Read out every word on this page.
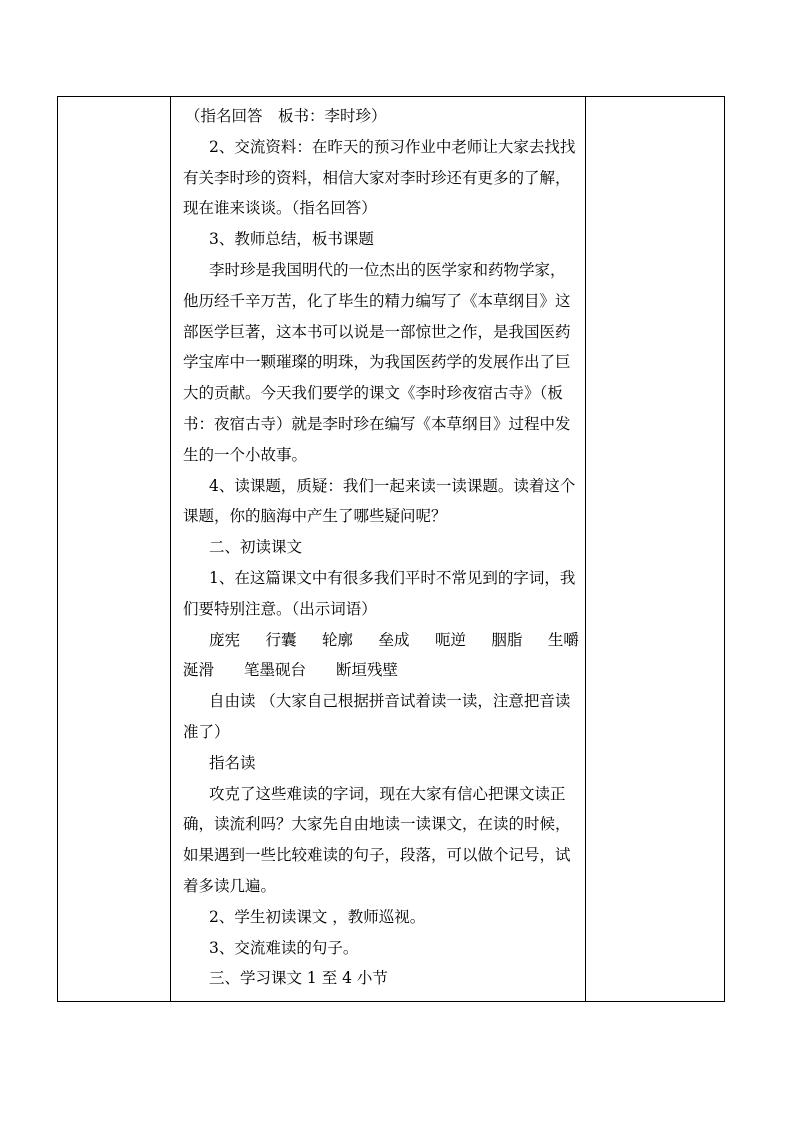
（指名回答　板书：李时珍）
2、交流资料：在昨天的预习作业中老师让大家去找找
有关李时珍的资料，相信大家对李时珍还有更多的了解，
现在谁来谈谈。（指名回答）
3、教师总结，板书课题
李时珍是我国明代的一位杰出的医学家和药物学家，
他历经千辛万苦，化了毕生的精力编写了《本草纲目》这
部医学巨著，这本书可以说是一部惊世之作，是我国医药
学宝库中一颗璀璨的明珠，为我国医药学的发展作出了巨
大的贡献。今天我们要学的课文《李时珍夜宿古寺》（板
书：夜宿古寺）就是李时珍在编写《本草纲目》过程中发
生的一个小故事。
4、读课题，质疑：我们一起来读一读课题。读着这个
课题，你的脑海中产生了哪些疑问呢？
二、初读课文
1、在这篇课文中有很多我们平时不常见到的字词，我
们要特别注意。（出示词语）
庞宪 行囊 轮廓 垒成 呃逆 胭脂 生嚼
涎滑 笔墨砚台 断垣残壁
自由读 （大家自己根据拼音试着读一读，注意把音读
准了）
指名读
攻克了这些难读的字词，现在大家有信心把课文读正
确，读流利吗？大家先自由地读一读课文，在读的时候，
如果遇到一些比较难读的句子，段落，可以做个记号，试
着多读几遍。
2、学生初读课文 ，教师巡视。
3、交流难读的句子。
三、学习课文 1 至 4 小节
